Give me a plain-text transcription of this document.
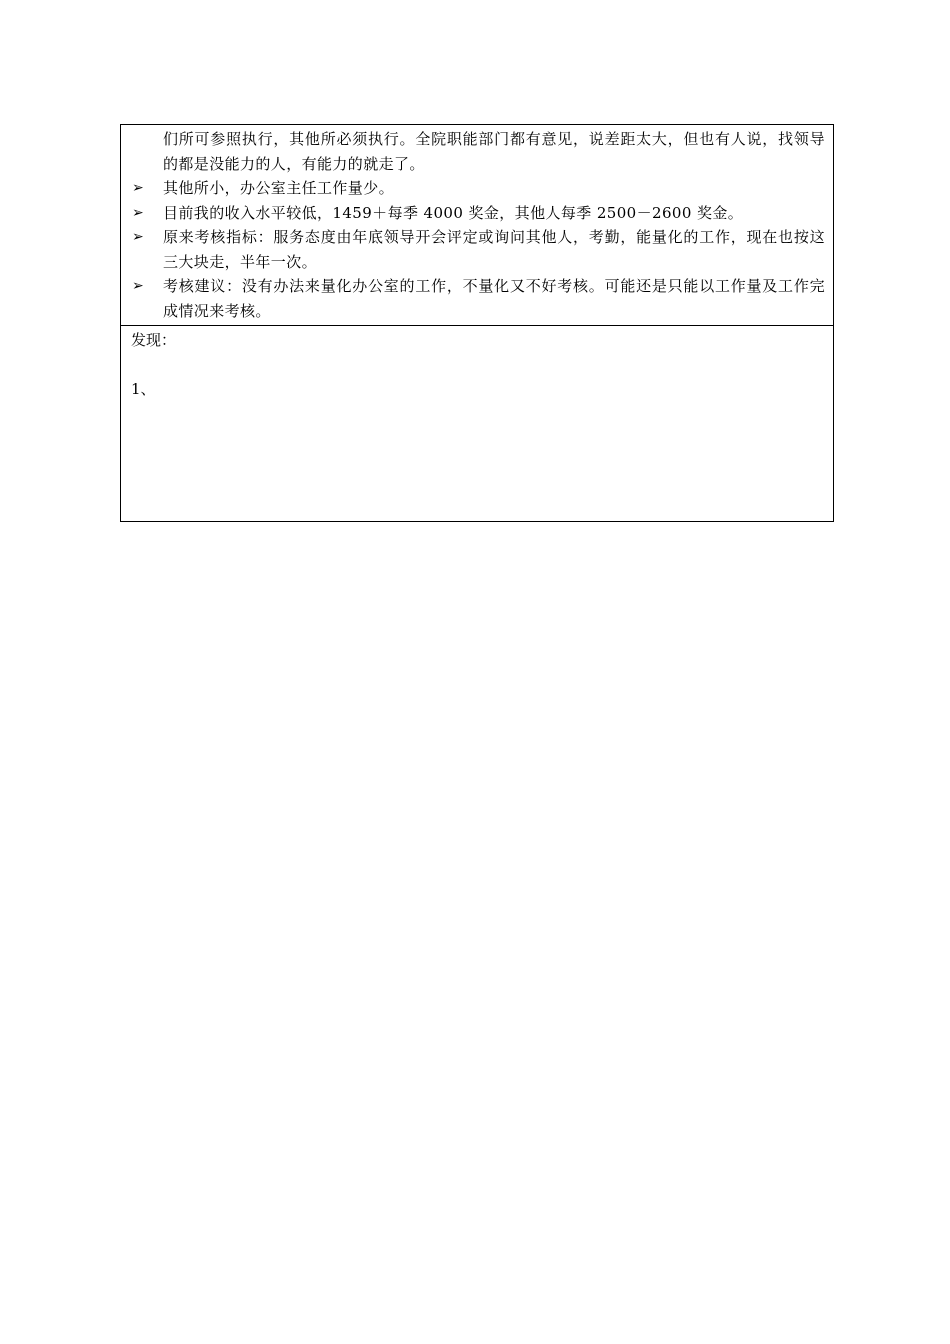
们所可参照执行，其他所必须执行。全院职能部门都有意见，说差距太大，但也有人说，找领导的都是没能力的人，有能力的就走了。

➢	其他所小，办公室主任工作量少。
➢	目前我的收入水平较低，1459＋每季 4000 奖金，其他人每季 2500－2600 奖金。
➢	原来考核指标：服务态度由年底领导开会评定或询问其他人，考勤，能量化的工作，现在也按这三大块走，半年一次。
➢	考核建议：没有办法来量化办公室的工作，不量化又不好考核。可能还是只能以工作量及工作完成情况来考核。

发现：

1、
